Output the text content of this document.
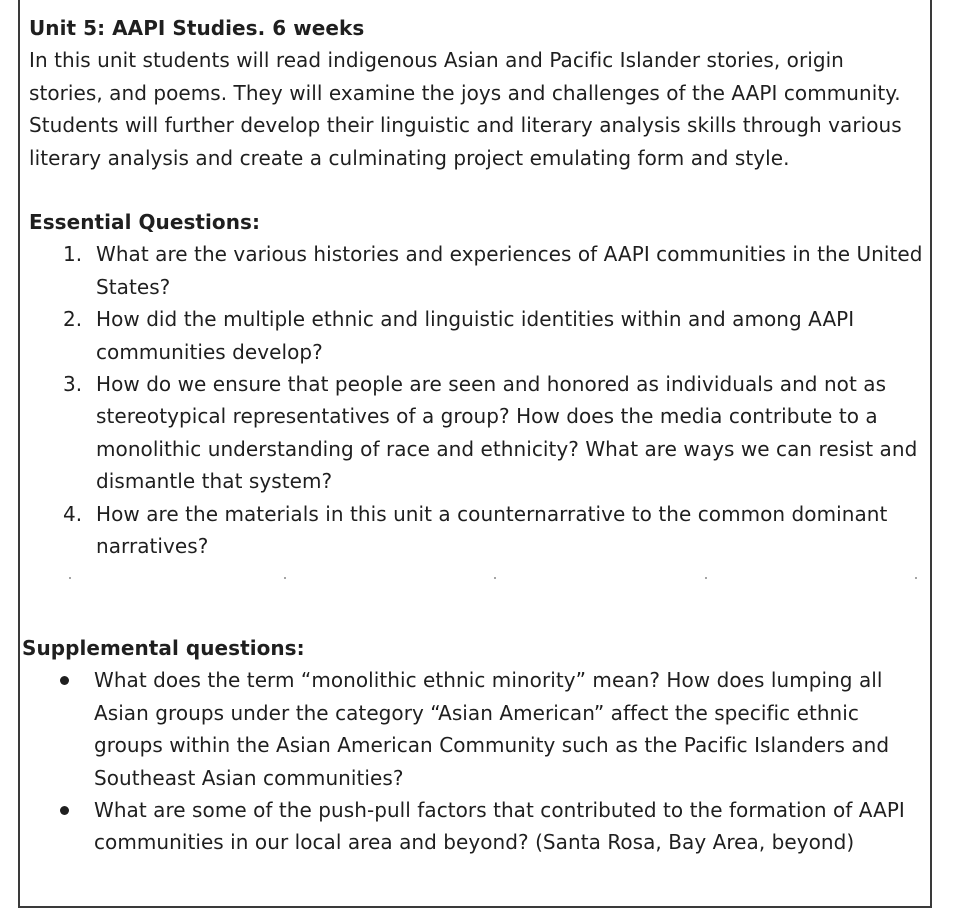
Unit 5: AAPI Studies. 6 weeks

In this unit students will read indigenous Asian and Pacific Islander stories, origin stories, and poems. They will examine the joys and challenges of the AAPI community. Students will further develop their linguistic and literary analysis skills through various literary analysis and create a culminating project emulating form and style.

Essential Questions:

1. What are the various histories and experiences of AAPI communities in the United States?
2. How did the multiple ethnic and linguistic identities within and among AAPI communities develop?
3. How do we ensure that people are seen and honored as individuals and not as stereotypical representatives of a group? How does the media contribute to a monolithic understanding of race and ethnicity? What are ways we can resist and dismantle that system?
4. How are the materials in this unit a counternarrative to the common dominant narratives?

Supplemental questions:

What does the term “monolithic ethnic minority” mean? How does lumping all Asian groups under the category “Asian American” affect the specific ethnic groups within the Asian American Community such as the Pacific Islanders and Southeast Asian communities?
What are some of the push-pull factors that contributed to the formation of AAPI communities in our local area and beyond? (Santa Rosa, Bay Area, beyond)
